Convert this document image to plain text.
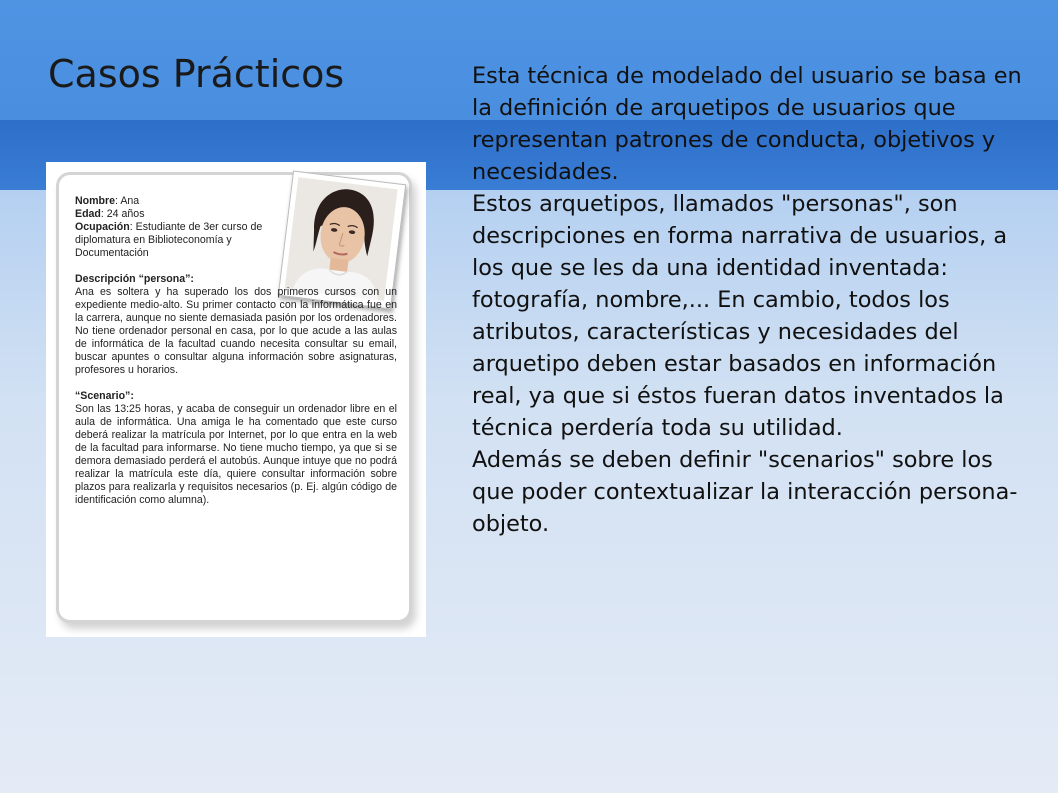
Casos Prácticos

Nombre: Ana

Edad: 24 años

Ocupación: Estudiante de 3er curso de diplomatura en Biblioteconomía y Documentación

Descripción “persona”:

Ana es soltera y ha superado los dos primeros cursos con un expediente medio-alto. Su primer contacto con la informática fue en la carrera, aunque no siente demasiada pasión por los ordenadores. No tiene ordenador personal en casa, por lo que acude a las aulas de informática de la facultad cuando necesita consultar su email, buscar apuntes o consultar alguna información sobre asignaturas, profesores u horarios.

“Scenario”:

Son las 13:25 horas, y acaba de conseguir un ordenador libre en el aula de informática. Una amiga le ha comentado que este curso deberá realizar la matrícula por Internet, por lo que entra en la web de la facultad para informarse. No tiene mucho tiempo, ya que si se demora demasiado perderá el autobús. Aunque intuye que no podrá realizar la matrícula este día, quiere consultar información sobre plazos para realizarla y requisitos necesarios (p. Ej. algún código de identificación como alumna).

Esta técnica de modelado del usuario se basa en la definición de arquetipos de usuarios que representan patrones de conducta, objetivos y necesidades.

Estos arquetipos, llamados "personas", son descripciones en forma narrativa de usuarios, a los que se les da una identidad inventada: fotografía, nombre,... En cambio, todos los atributos, características y necesidades del arquetipo deben estar basados en información real, ya que si éstos fueran datos inventados la técnica perdería toda su utilidad.

Además se deben definir "scenarios" sobre los que poder contextualizar la interacción persona-objeto.
